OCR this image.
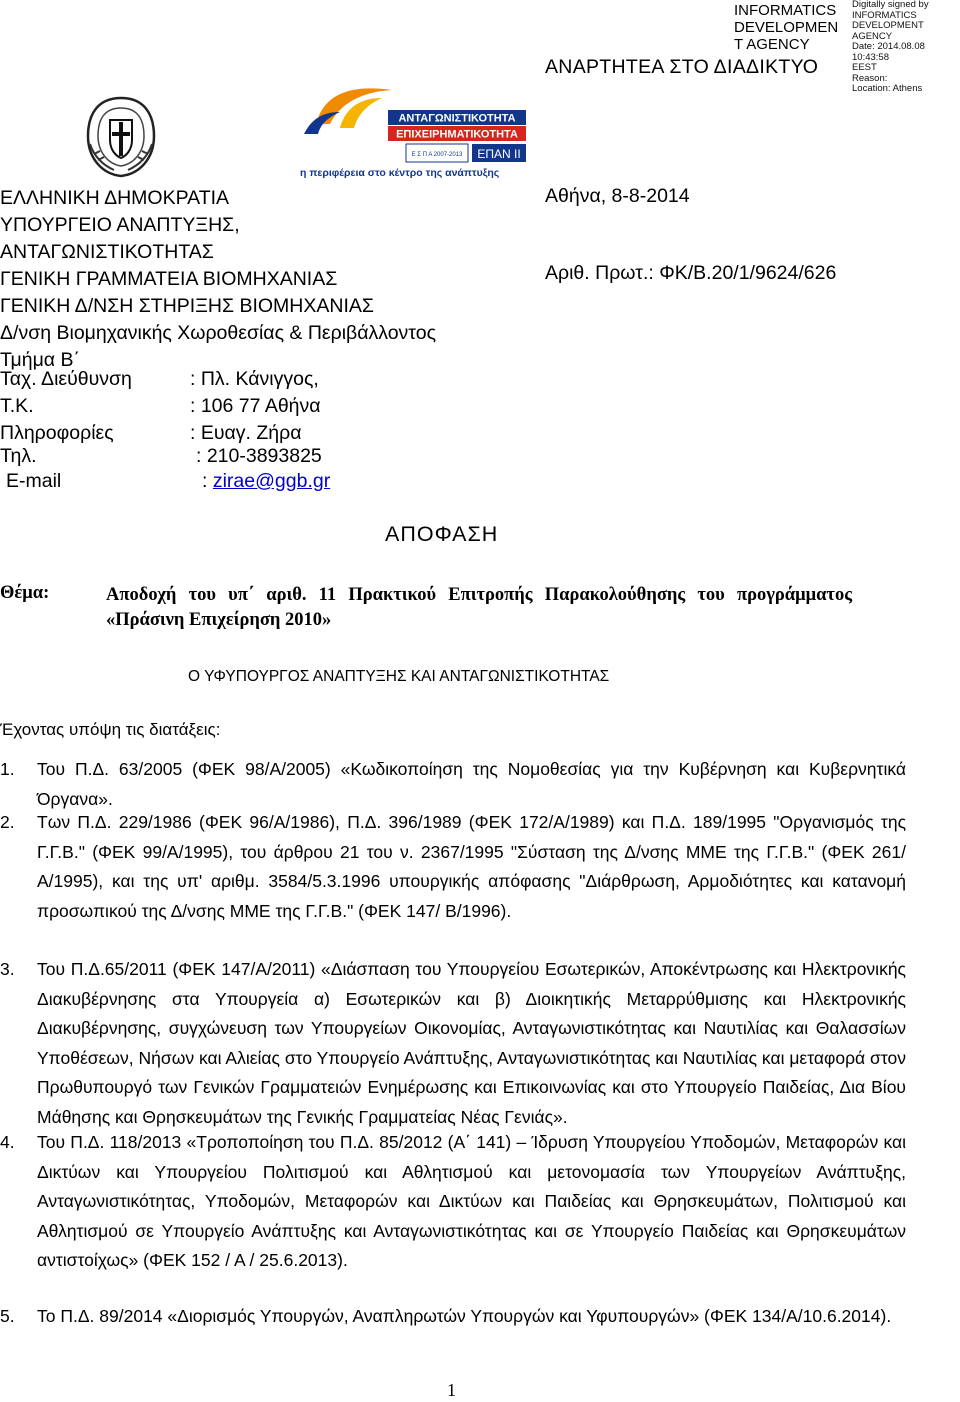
INFORMATICS DEVELOPMEN T AGENCY
Digitally signed by
INFORMATICS
DEVELOPMENT AGENCY
Date: 2014.08.08 10:43:58
EEST
Reason:
Location: Athens
ΑΝΑΡΤΗΤΕΑ ΣΤΟ ΔΙΑΔΙΚΤΥΟ
ΑΝΤΑΓΩΝΙΣΤΙΚΟΤΗΤΑ
ΕΠΙΧΕΙΡΗΜΑΤΙΚΟΤΗΤΑ
Ε Σ Π Α 2007-2013 ΕΠΑΝ ΙΙ
η περιφέρεια στο κέντρο της ανάπτυξης
ΕΛΛΗΝΙΚΗ ΔΗΜΟΚΡΑΤΙΑ
ΥΠΟΥΡΓΕΙΟ ΑΝΑΠΤΥΞΗΣ,
ΑΝΤΑΓΩΝΙΣΤΙΚΟΤΗΤΑΣ
ΓΕΝΙΚΗ ΓΡΑΜΜΑΤΕΙΑ ΒΙΟΜΗΧΑΝΙΑΣ
ΓΕΝΙΚΗ Δ/ΝΣΗ ΣΤΗΡΙΞΗΣ ΒΙΟΜΗΧΑΝΙΑΣ
Δ/νση Βιομηχανικής Χωροθεσίας & Περιβάλλοντος
Τμήμα Β΄
Αθήνα, 8-8-2014
Αριθ. Πρωτ.: ΦΚ/Β.20/1/9624/626
Ταχ. Διεύθυνση	: Πλ. Κάνιγγος,
Τ.Κ.	: 106 77 Αθήνα
Πληροφορίες	: Ευαγ. Ζήρα
Τηλ.	: 210-3893825
E-mail	: zirae@ggb.gr
ΑΠΟΦΑΣΗ
Θέμα:	Αποδοχή του υπ΄ αριθ. 11 Πρακτικού Επιτροπής Παρακολούθησης του προγράμματος «Πράσινη Επιχείρηση 2010»
Ο ΥΦΥΠΟΥΡΓΟΣ ΑΝΑΠΤΥΞΗΣ ΚΑΙ ΑΝΤΑΓΩΝΙΣΤΙΚΟΤΗΤΑΣ
Έχοντας υπόψη τις διατάξεις:
1. Του Π.Δ. 63/2005 (ΦΕΚ 98/Α/2005) «Κωδικοποίηση της Νομοθεσίας για την Κυβέρνηση και Κυβερνητικά Όργανα».
2. Των Π.Δ. 229/1986 (ΦΕΚ 96/Α/1986), Π.Δ. 396/1989 (ΦΕΚ 172/Α/1989) και Π.Δ. 189/1995 "Οργανισμός της Γ.Γ.Β." (ΦΕΚ 99/Α/1995), του άρθρου 21 του ν. 2367/1995 "Σύσταση της Δ/νσης ΜΜΕ της Γ.Γ.Β." (ΦΕΚ 261/Α/1995), και της υπ' αριθμ. 3584/5.3.1996 υπουργικής απόφασης "Διάρθρωση, Αρμοδιότητες και κατανομή προσωπικού της Δ/νσης ΜΜΕ της Γ.Γ.Β." (ΦΕΚ 147/ Β/1996).
3. Του Π.Δ.65/2011 (ΦΕΚ 147/Α/2011) «Διάσπαση του Υπουργείου Εσωτερικών, Αποκέντρωσης και Ηλεκτρονικής Διακυβέρνησης στα Υπουργεία α) Εσωτερικών και β) Διοικητικής Μεταρρύθμισης και Ηλεκτρονικής Διακυβέρνησης, συγχώνευση των Υπουργείων Οικονομίας, Ανταγωνιστικότητας και Ναυτιλίας και Θαλασσίων Υποθέσεων, Νήσων και Αλιείας στο Υπουργείο Ανάπτυξης, Ανταγωνιστικότητας και Ναυτιλίας και μεταφορά στον Πρωθυπουργό των Γενικών Γραμματειών Ενημέρωσης και Επικοινωνίας και στο Υπουργείο Παιδείας, Δια Βίου Μάθησης και Θρησκευμάτων της Γενικής Γραμματείας Νέας Γενιάς».
4. Του Π.Δ. 118/2013 «Τροποποίηση του Π.Δ. 85/2012 (Α΄ 141) – Ίδρυση Υπουργείου Υποδομών, Μεταφορών και Δικτύων και Υπουργείου Πολιτισμού και Αθλητισμού και μετονομασία των Υπουργείων Ανάπτυξης, Ανταγωνιστικότητας, Υποδομών, Μεταφορών και Δικτύων και Παιδείας και Θρησκευμάτων, Πολιτισμού και Αθλητισμού σε Υπουργείο Ανάπτυξης και Ανταγωνιστικότητας και σε Υπουργείο Παιδείας και Θρησκευμάτων αντιστοίχως» (ΦΕΚ 152 / Α / 25.6.2013).
5. Το Π.Δ. 89/2014 «Διορισμός Υπουργών, Αναπληρωτών Υπουργών και Υφυπουργών» (ΦΕΚ 134/Α/10.6.2014).
1
